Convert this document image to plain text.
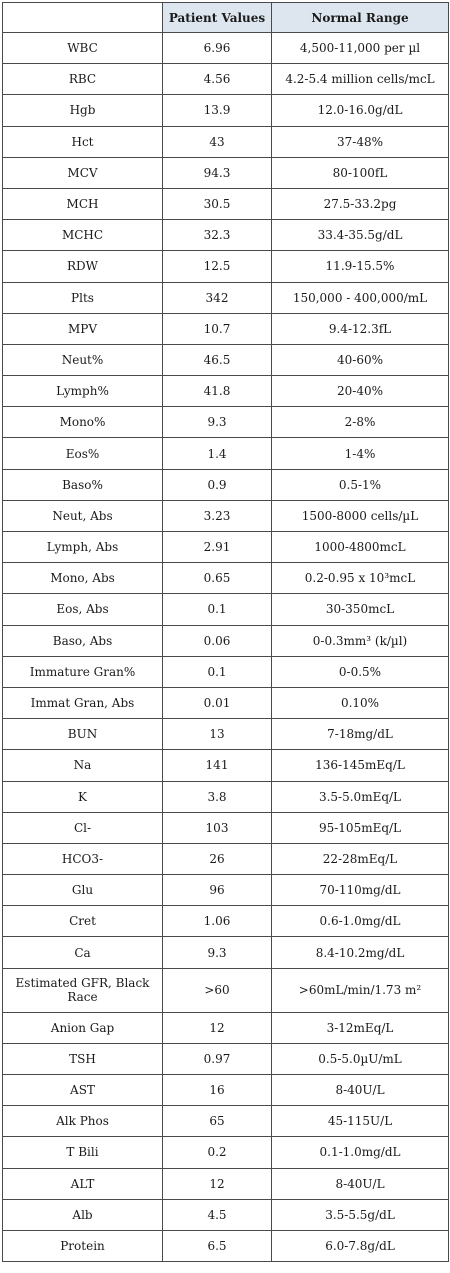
	Patient Values	Normal Range
WBC	6.96	4,500-11,000 per µl
RBC	4.56	4.2-5.4 million cells/mcL
Hgb	13.9	12.0-16.0g/dL
Hct	43	37-48%
MCV	94.3	80-100fL
MCH	30.5	27.5-33.2pg
MCHC	32.3	33.4-35.5g/dL
RDW	12.5	11.9-15.5%
Plts	342	150,000 - 400,000/mL
MPV	10.7	9.4-12.3fL
Neut%	46.5	40-60%
Lymph%	41.8	20-40%
Mono%	9.3	2-8%
Eos%	1.4	1-4%
Baso%	0.9	0.5-1%
Neut, Abs	3.23	1500-8000 cells/µL
Lymph, Abs	2.91	1000-4800mcL
Mono, Abs	0.65	0.2-0.95 x 10³mcL
Eos, Abs	0.1	30-350mcL
Baso, Abs	0.06	0-0.3mm³ (k/µl)
Immature Gran%	0.1	0-0.5%
Immat Gran, Abs	0.01	0.10%
BUN	13	7-18mg/dL
Na	141	136-145mEq/L
K	3.8	3.5-5.0mEq/L
Cl-	103	95-105mEq/L
HCO3-	26	22-28mEq/L
Glu	96	70-110mg/dL
Cret	1.06	0.6-1.0mg/dL
Ca	9.3	8.4-10.2mg/dL
Estimated GFR, Black Race	>60	>60mL/min/1.73 m²
Anion Gap	12	3-12mEq/L
TSH	0.97	0.5-5.0µU/mL
AST	16	8-40U/L
Alk Phos	65	45-115U/L
T Bili	0.2	0.1-1.0mg/dL
ALT	12	8-40U/L
Alb	4.5	3.5-5.5g/dL
Protein	6.5	6.0-7.8g/dL
